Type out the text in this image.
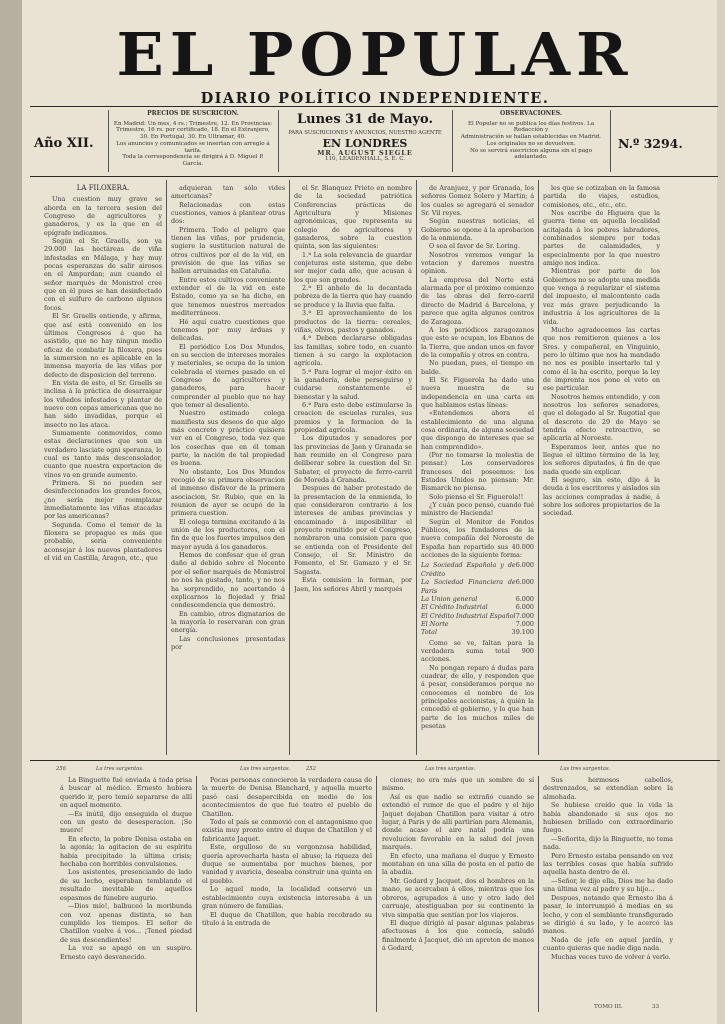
EL POPULAR
DIARIO POLÍTICO INDEPENDIENTE.
Año XII.
PRECIOS DE SUSCRICION.
En Madrid: Un mes, 4 rs.; Trimestre, 12. En Provincias:
Trimestre, 16 rs. por certificado, 18. En el Extranjero,
30. En Portugal, 30. En Ultramar, 40.
Los anuncios y comunicados se insertan con arreglo á tarifa.
Toda la correspondencia se dirigirá á D. Miguel P. García.
Lunes 31 de Mayo.
PARA SUSCRICIONES Y ANUNCIOS, NUESTRO AGENTE
EN LONDRES
MR. AUGUST SIEGLE
110, LEADENHALL, S. E. C.
OBSERVACIONES.
El Popular no se publica los días festivos. La Redacción y
Administración se hallan establecidas en Madrid.
Los originales no se devuelven.
No se servirá suscricion alguna sin el pago adelantado.
N.º 3294.

LA FILOXERA.

Una cuestion muy grave se aborda en la tercera sesion del Congreso de agricultores y ganaderos, y es la que en el epígrafe indicamos.

Según el Sr. Graells, son ya 29.000 las hectáreas de viña infestadas en Málaga, y hay muy pocas esperanzas de salir airosos en el Ampurdan; aun cuando el señor marqués de Monistrol cree que en él pues se han desinfectado con el sulfuro de carbono algunos focos.

El Sr. Graells entiende, y afirma, que así está convenido en los últimos Congresos á que ha asistido, que no hay ningun medio eficaz de combatir la filoxera, pues la sumersion no es aplicable en la inmensa mayoría de las viñas por defecto de disposicion del terreno.

En vista de esto, el Sr. Graells se inclina á la práctica de desarraigar los viñedos infestados y plantar de nuevo con cepas americanas que no han sido invadidas, porque el insecto no las ataca.

Sumamente conmovidos, como estas declaraciones que son un verdadero lasciate ogni speranza, lo cual es tanto más desconsolador, cuanto que nuestra exportacion de vinos va en grande aumento.

Primera. Si no pueden ser desinfeccionados los grandes focos, ¿no sería mejor reemplazar inmediatamente las viñas atacadas por las americanas?

Segunda. Como el temor de la filoxera se propague es más que probable, sería conveniente aconsejar á los nuevos plantadores el vid en Castilla, Aragon, etc., que

adquieran tan sólo vides americanas?

Relacionadas con estas cuestiones, vamos á plantear otras dos:

Primera. Todo el peligro que tienen las viñas, por prudencia, sugiere la sustitucion natural de otros cultivos por el de la vid, en previsión de que las viñas se hallen arruinadas en Cataluña.

Entre estos cultivos conveniente extender el de la vid en este Estado, como ya se ha dicho, en que tenemos nuestros mercados mediterráneos.

Hé aquí cuatro cuestiones que tenemos por muy árduas y delicadas.

El periódico Los Dos Mundos, en su seccion de intereses morales y materiales, se ocupa de la union celebrada el viernes pasado en el Congreso de agricultores y ganaderos, para hacer comprender al pueblo que no hay que temer al desaliento.

Nuestro estimado colega manifiesta sus deseos de que algo más concreto y práctico quisiera ver en el Congreso, toda vez que los cosechas que en él toman parte, la nación de tal propiedad es buena.

No obstante, Los Dos Mundos recogió de su primera observacion el inmenso disfavor de la primera asociacion, Sr. Rubio, que en la reunion de ayer se ocupó de la primera cuestion.

El colega termina excitando á la unión de los productores, con el fin de que los fuertes impulsos den mayor ayuda á los ganaderos.

Hemos de confesar que el gran daño al debido sobre el Nocente por el señor marqués de Monistrol no nos ha gustado, tanto, y no nos ha sorprendido, no acertando á explicarnos la flojedad y frial condescendencia que demostró.

En cambio, otros dignatarios de la mayoría lo reservaran con gran energía.

Las conclusiones presentadas por

el Sr. Blanquez Prieto en nombre de la sociedad patriótica Conferencias prácticas de Agricultura y Misiones agronómicas, que representa su colegio de agricultores y ganaderos, sobre la cuestion quinta, son las siguientes:

1.ª La sola relevancia de guardar conjeturas este sistema, que debe ser mejor cada año, que acusan á los que son grandes.

2.ª El anhelo de la decantada pobreza de la tierra que hay cuando se produce y la lluvia que falta.

3.ª El aprovechamiento de los productos de la tierra: cereales, viñas, olivos, pastos y ganados.

4.ª Deben declararse obligadas las familias, sobre todo, en cuanto tienen á su cargo la explotacion agrícola.

5.ª Para lograr el mejor éxito en la ganadería, debe perseguirse y cuidarse constantemente el bienestar y la salud.

6.ª Para esto debe estimularse la creacion de escuelas rurales, sus premios y la formacion de la propiedad agrícola.

Los diputados y senadores por las provincias de Jaen y Granada se han reunido en el Congreso para deliberar sobre la cuestion del Sr. Sabater, el proyecto de ferro-carril de Moreda á Granada.

Despues de haber protestado de la presentacion de la enmienda, lo que consideraron contrario á los intereses de ambas provincias y encaminado á imposibilitar el proyecto remitido por el Congreso, nombraron una comision para que se entienda con el Presidente del Consejo, el Sr. Ministro de Fomento, el Sr. Gamazo y el Sr. Sagasta.

Esta comision la forman, por Jaen, los señores Abril y marqués

de Aranjuez, y por Granada, los señores Gomez Solero y Martin; á los cuales se agregará el senador Sr. Vil reyes.

Según nuestras noticias, el Gobierno se opone á la aprobacion de la enmienda.

O sea el favor de Sr. Loring.

Nosotros veremos vengar la votacion y daremos nuestra opinion.

La empresa del Norte está alarmada por el próximo comienzo de las obras del ferro-carril directo de Madrid á Barcelona, y parece que agita algunos centros de Zaragoza.

A los periódicos zaragozanos que esto se ocupan, los Ebanos de la Tierra, que andan unos en favor de la compañía y otros en contra.

No puedan, pues, el tiempo en balde.

El Sr. Figuerola ha dado una nueva muestra de su independencia en una carta en que hablamos estas líneas:

«Entendemos ahora el establecimiento de una alguna cosa ordinaria, de alguna sociedad que disponga de intereses que se han comprendido».

(Por no tomarse la molestia de pensar.) Los conservadores franceses del poseemos: los Estados Unidos no piensan: Mr. Bismarck no piensa.

Solo piensa el Sr. Figuerola!!

¿Y cuán poco pensó, cuando fué ministro de Hacienda!

Según el Monitor de Fondos Públicos, los fundadores de la nueva compañía del Noroeste de España han repartido sus 40.000 acciones de la siguiente forma:

La Sociedad Española y de Crédito
6.000
La Sociedad Financiera de Paris
6.000
La Union general	6.000
El Crédito Industrial	6.000
El Crédito Industrial Español 7.000
El Norte	7.000
Total	39.100

Como se ve, faltan para la verdadera suma total 900 acciones.

No pongan reparo á dudas para cuadrar, de ello, y responden que á pesar, consideramos porque no conocemos el nombre de los principales accionistas, á quién la concedió el gobierno, y lo que han parte de los muchos miles de pesetas

les que se cotizaban en la famosa partida de viajes, estudios, comisiones, etc., etc., etc.

Nos escribe de Higuera que la guerra tiene en aquella localidad acitajada á los pobres labradores, combinados siempre por todas partes de calamidades, y especialmente por la que nuestro amigo nos indica.

Mientras por parte de los Gobiernos no se adopte una medida que venga á regularizar el sistema del impuesto, el malcontento cada vez más grave perjudicando la industria á los agricultores de la vida.

Mucho agradecemos las cartas que nos remitieron quienes a los Sres. y compañeral, en Vinguinio, pero lo último que nos ha mandado no nos es posible insertarlo tal y como él la ha escrito, porque la ley de imprenta nos pone el veto en ese particular.

Nosotros hemos entendido, y con nosotros los señores senadores, que el delegado al Sr. Rugotial que el descreto de 29 de Mayo se tendría efecto retroactivo, se aplicaría al Noroeste.

Esperamos leer, antes que no llegue el último término de la ley, los señores diputados, á fin de que nada quede sin explicar.

El seguro, sin esto, dijo á la deuda á los escritores y aislados sin las acciones compradas á nadie, á sobre los señores propietarios de la sociedad.

256	La tres sargentas.	Las tres sargentas.	Las tres sargentas.	Las tres sargentas.
252

La Binguette fué enviada á toda prisa á buscar al médico. Ernesto hubiera querido ir, pero temió separarse de allí en aquel momento.

—Es inútil, dijo enseguida el duque con un gesto de desesperacion. ¡Se muere!

En efecto, la pobre Denisa estaba en la agonía; la agitacion de su espíritu había precipitado la última crisis; hechaba con horribles convulsiones.

Los asistentes, presenciando de lado de su lecho, esperaban temblando el resultado inevitable de aquellos espasmos de fúnebre augurio.

—Dios mío!, balbuceó la moribunda con voz apenas distinta, se han cumplido los tiempos. El señor de Chatillon vuelve á vos... ¡Tened piedad de sus descendientes!

La voz se apagó en un suspiro. Ernesto cayó desvanecido.

Pocas personas conocieron la verdadera causa de la muerte de Denisa Blanchard, y aquella muerte pasó casi desapercibida en medio de los acontecimientos de que fué teatro el pueblo de Chatillon.

Todo el país se conmovió con el antagonismo que existía muy pronto entre el duque de Chatillon y el fabricante Jaquet.

Este, orgulloso de su vergonzosa habilidad, quería aprovecharla hasta el abuso; la riqueza del duque se aumentaba por muchos bienes, por vanidad y avaricia, deseaba construir una quinta en el pueblo.

Lo aquel modo, la localidad conservó un establecimiento cuya existencia interesaba á un gran número de familias.

El duque de Chatillon, que había recobrado su título á la entrada de

ciones; no era más que un sombre de sí mismo.

Así es que nadie se extrañó cuando se extendió el rumor de que el padre y el hijo Jaquet dejaban Chatillon para visitar á otro lugar, á Paris y de allí partirían para Alemania, donde acaso el aire natal podría una revolucion favorable en la salud del joven marqués.

En efecto, una mañana el duque y Ernesto montaban en una silla de posta en el patio de la abadía.

Mr. Godard y Jacquet, dos el hombres en la mano, se acercaban á ellos, mientras que los obreros, agrupados á uno y otro lado del carruaje, atestiguaban por su continente la viva simpatía que sentían por los viajeros.

El duque dirigió al pasar algunas palabras afectuosas á los que conocía, saludó finalmente á Jacquet, dió un apreton de manos á Godard,

Sus hermosos cabellos, destrenzados, se extendían sobre la almohada.

Se hubiese creído que la vida la había abandonado si sus ojos no hubiesen brillado con extraordinario fuego.

—Señorita, dijo la Binguette, no tema nada.

Pero Ernesto estaba pensando en vez las terribles cosas que había sufrido aquella hasta dentro de él.

—Señor, le dijo ella, Dios me ha dado una última vez al padre y su hijo...

Despues, notando que Ernesto iba á pasar, le interrumpió á medias en su lecho, y con el semblante transfigurado se dirigió á su lado, y le acercó las manos.

Nada de jefe en aquel jardín, y cuanto quieras que nadie diga nada.

Muchas veces tuvo de volver á verlo.

TOMO III.	33
